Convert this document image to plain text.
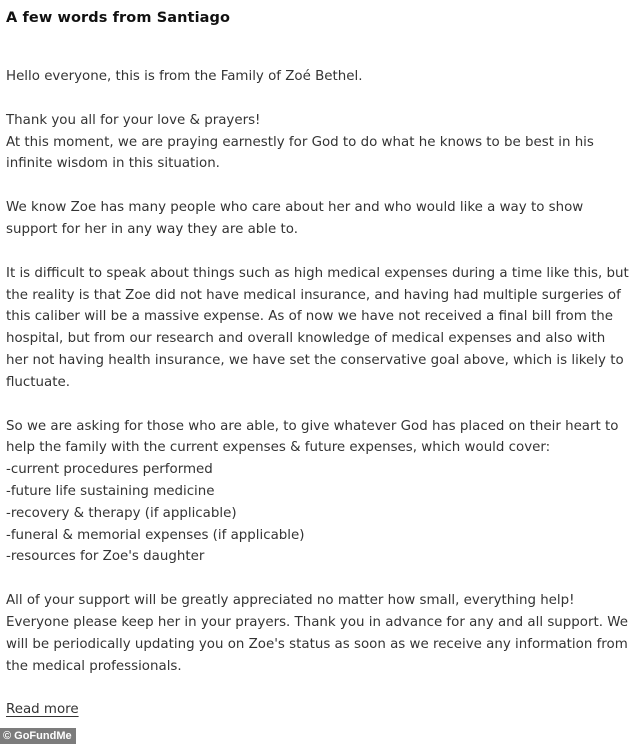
A few words from Santiago

Hello everyone, this is from the Family of Zoé Bethel.

Thank you all for your love & prayers!
At this moment, we are praying earnestly for God to do what he knows to be best in his infinite wisdom in this situation.

We know Zoe has many people who care about her and who would like a way to show support for her in any way they are able to.

It is difficult to speak about things such as high medical expenses during a time like this, but the reality is that Zoe did not have medical insurance, and having had multiple surgeries of this caliber will be a massive expense. As of now we have not received a final bill from the hospital, but from our research and overall knowledge of medical expenses and also with her not having health insurance, we have set the conservative goal above, which is likely to fluctuate.

So we are asking for those who are able, to give whatever God has placed on their heart to help the family with the current expenses & future expenses, which would cover:
-current procedures performed
-future life sustaining medicine
-recovery & therapy (if applicable)
-funeral & memorial expenses (if applicable)
-resources for Zoe's daughter

All of your support will be greatly appreciated no matter how small, everything help! Everyone please keep her in your prayers. Thank you in advance for any and all support. We will be periodically updating you on Zoe's status as soon as we receive any information from the medical professionals.

Read more
© GoFundMe
